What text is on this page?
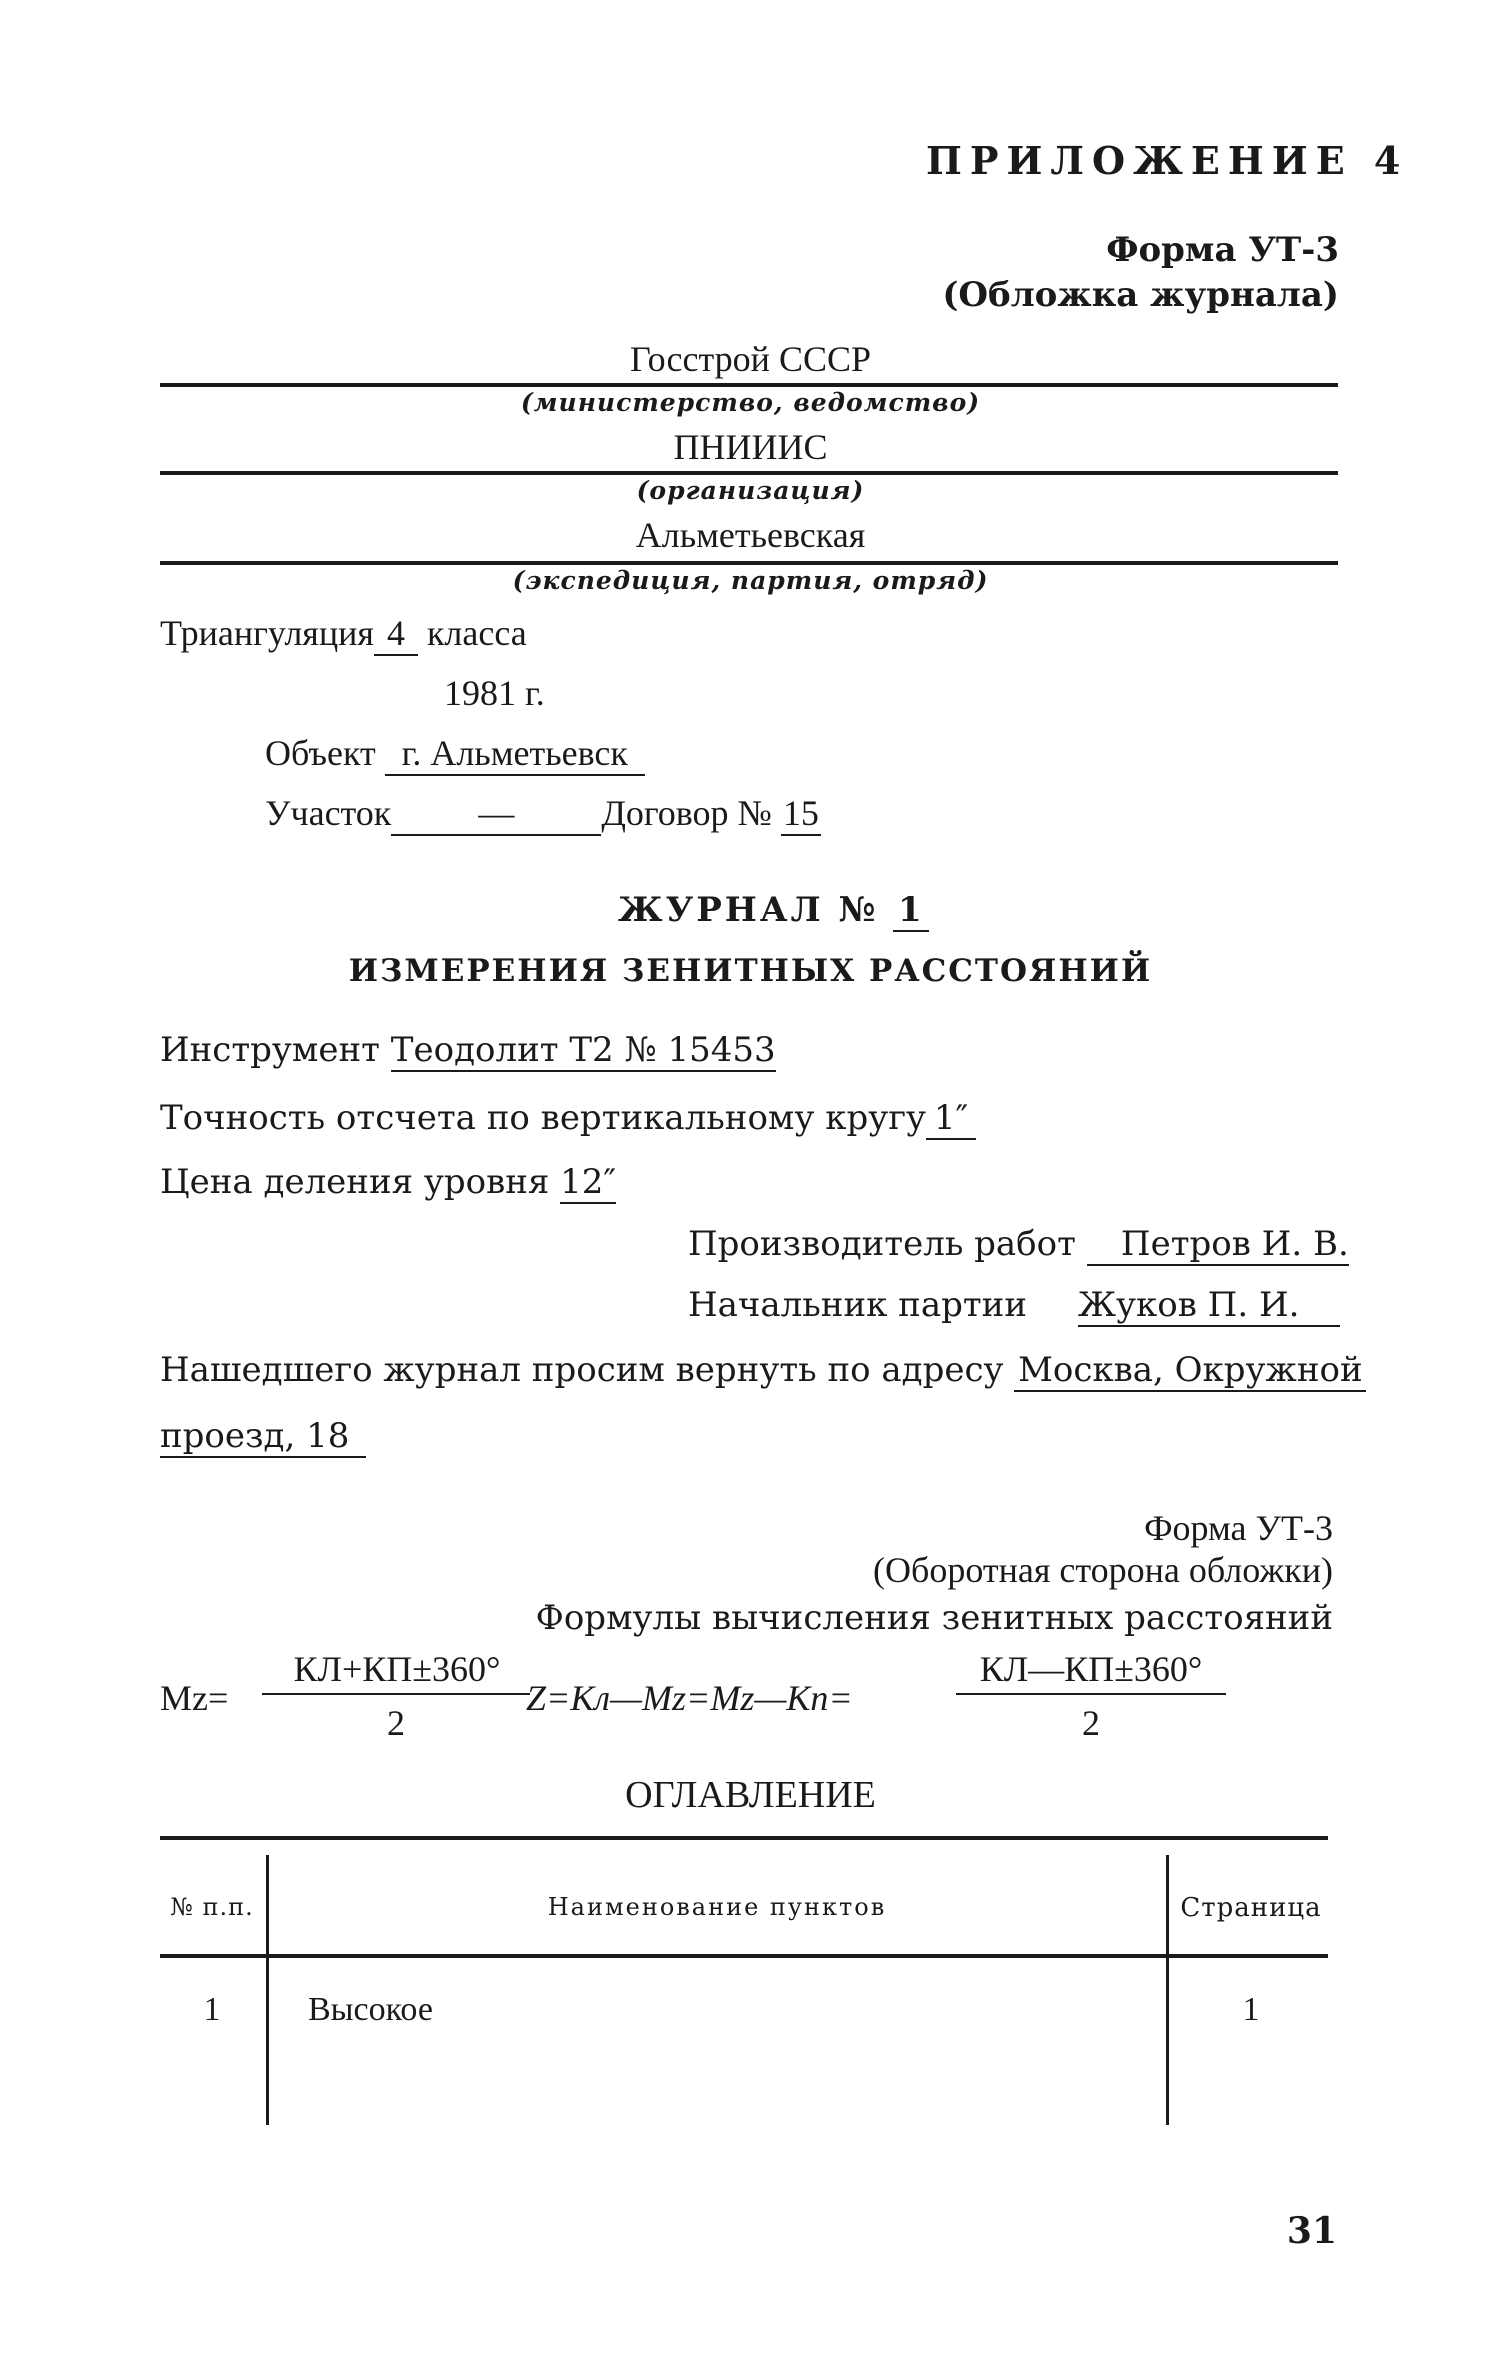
ПРИЛОЖЕНИЕ 4
Форма УТ-3
(Обложка журнала)
Госстрой СССР
(министерство, ведомство)
ПНИИИС
(организация)
Альметьевская
(экспедиция, партия, отряд)
Триангуляция 4 класса
1981 г.
Объект г. Альметьевск
Участок — Договор № 15
ЖУРНАЛ № 1
ИЗМЕРЕНИЯ ЗЕНИТНЫХ РАССТОЯНИЙ
Инструмент Теодолит Т2 № 15453
Точность отсчета по вертикальному кругу 1″
Цена деления уровня 12″
Производитель работ Петров И. В.
Начальник партии Жуков П. И.
Нашедшего журнал просим вернуть по адресу Москва, Окружной
проезд, 18
Форма УТ-3
(Оборотная сторона обложки)
Формулы вычисления зенитных расстояний
Mz=
КЛ+КП±360°
2
Z=Kл—Mz=Mz—Kп=
КЛ—КП±360°
2
ОГЛАВЛЕНИЕ
№ п.п.	Наименование пунктов	Страница
1	Высокое	1
31
